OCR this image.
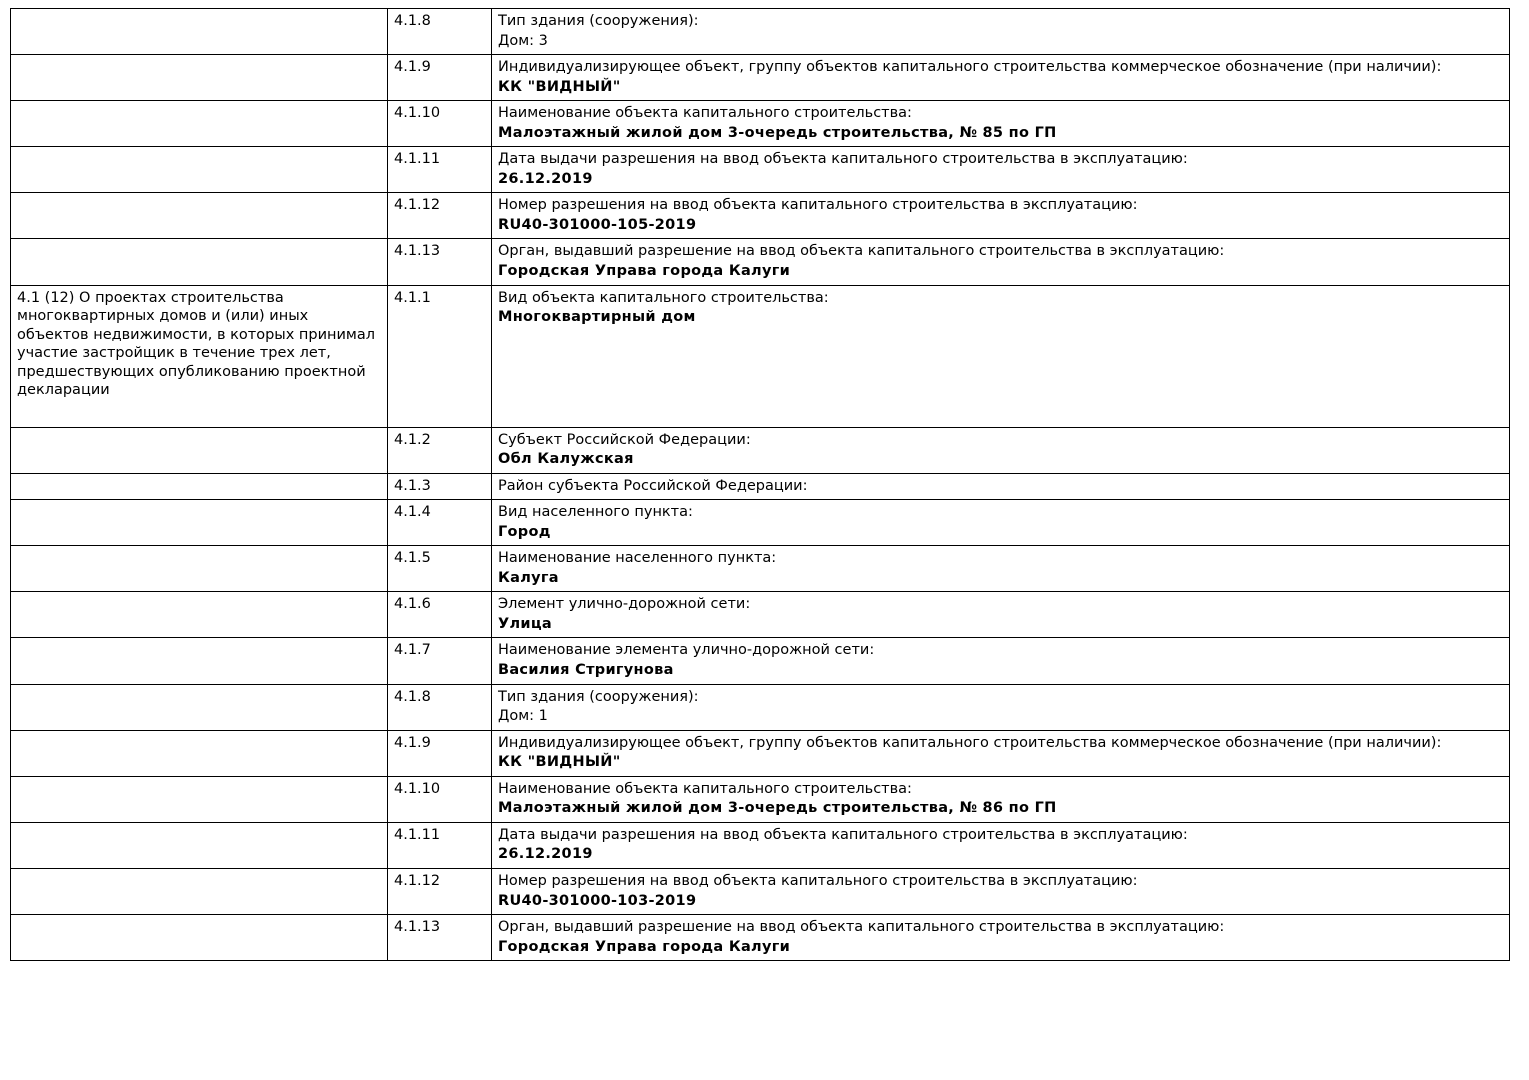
	4.1.8	Тип здания (сооружения):
Дом: 3

	4.1.9	Индивидуализирующее объект, группу объектов капитального строительства коммерческое обозначение (при наличии):
КК "ВИДНЫЙ"

	4.1.10	Наименование объекта капитального строительства:
Малоэтажный жилой дом 3-очередь строительства, № 85 по ГП

	4.1.11	Дата выдачи разрешения на ввод объекта капитального строительства в эксплуатацию:
26.12.2019

	4.1.12	Номер разрешения на ввод объекта капитального строительства в эксплуатацию:
RU40-301000-105-2019

	4.1.13	Орган, выдавший разрешение на ввод объекта капитального строительства в эксплуатацию:
Городская Управа города Калуги

4.1 (12) О проектах строительства многоквартирных домов и (или) иных объектов недвижимости, в которых принимал участие застройщик в течение трех лет, предшествующих опубликованию проектной декларации	4.1.1	Вид объекта капитального строительства:
Многоквартирный дом

	4.1.2	Субъект Российской Федерации:
Обл Калужская

	4.1.3	Район субъекта Российской Федерации:

	4.1.4	Вид населенного пункта:
Город

	4.1.5	Наименование населенного пункта:
Калуга

	4.1.6	Элемент улично-дорожной сети:
Улица

	4.1.7	Наименование элемента улично-дорожной сети:
Василия Стригунова

	4.1.8	Тип здания (сооружения):
Дом: 1

	4.1.9	Индивидуализирующее объект, группу объектов капитального строительства коммерческое обозначение (при наличии):
КК "ВИДНЫЙ"

	4.1.10	Наименование объекта капитального строительства:
Малоэтажный жилой дом 3-очередь строительства, № 86 по ГП

	4.1.11	Дата выдачи разрешения на ввод объекта капитального строительства в эксплуатацию:
26.12.2019

	4.1.12	Номер разрешения на ввод объекта капитального строительства в эксплуатацию:
RU40-301000-103-2019

	4.1.13	Орган, выдавший разрешение на ввод объекта капитального строительства в эксплуатацию:
Городская Управа города Калуги
